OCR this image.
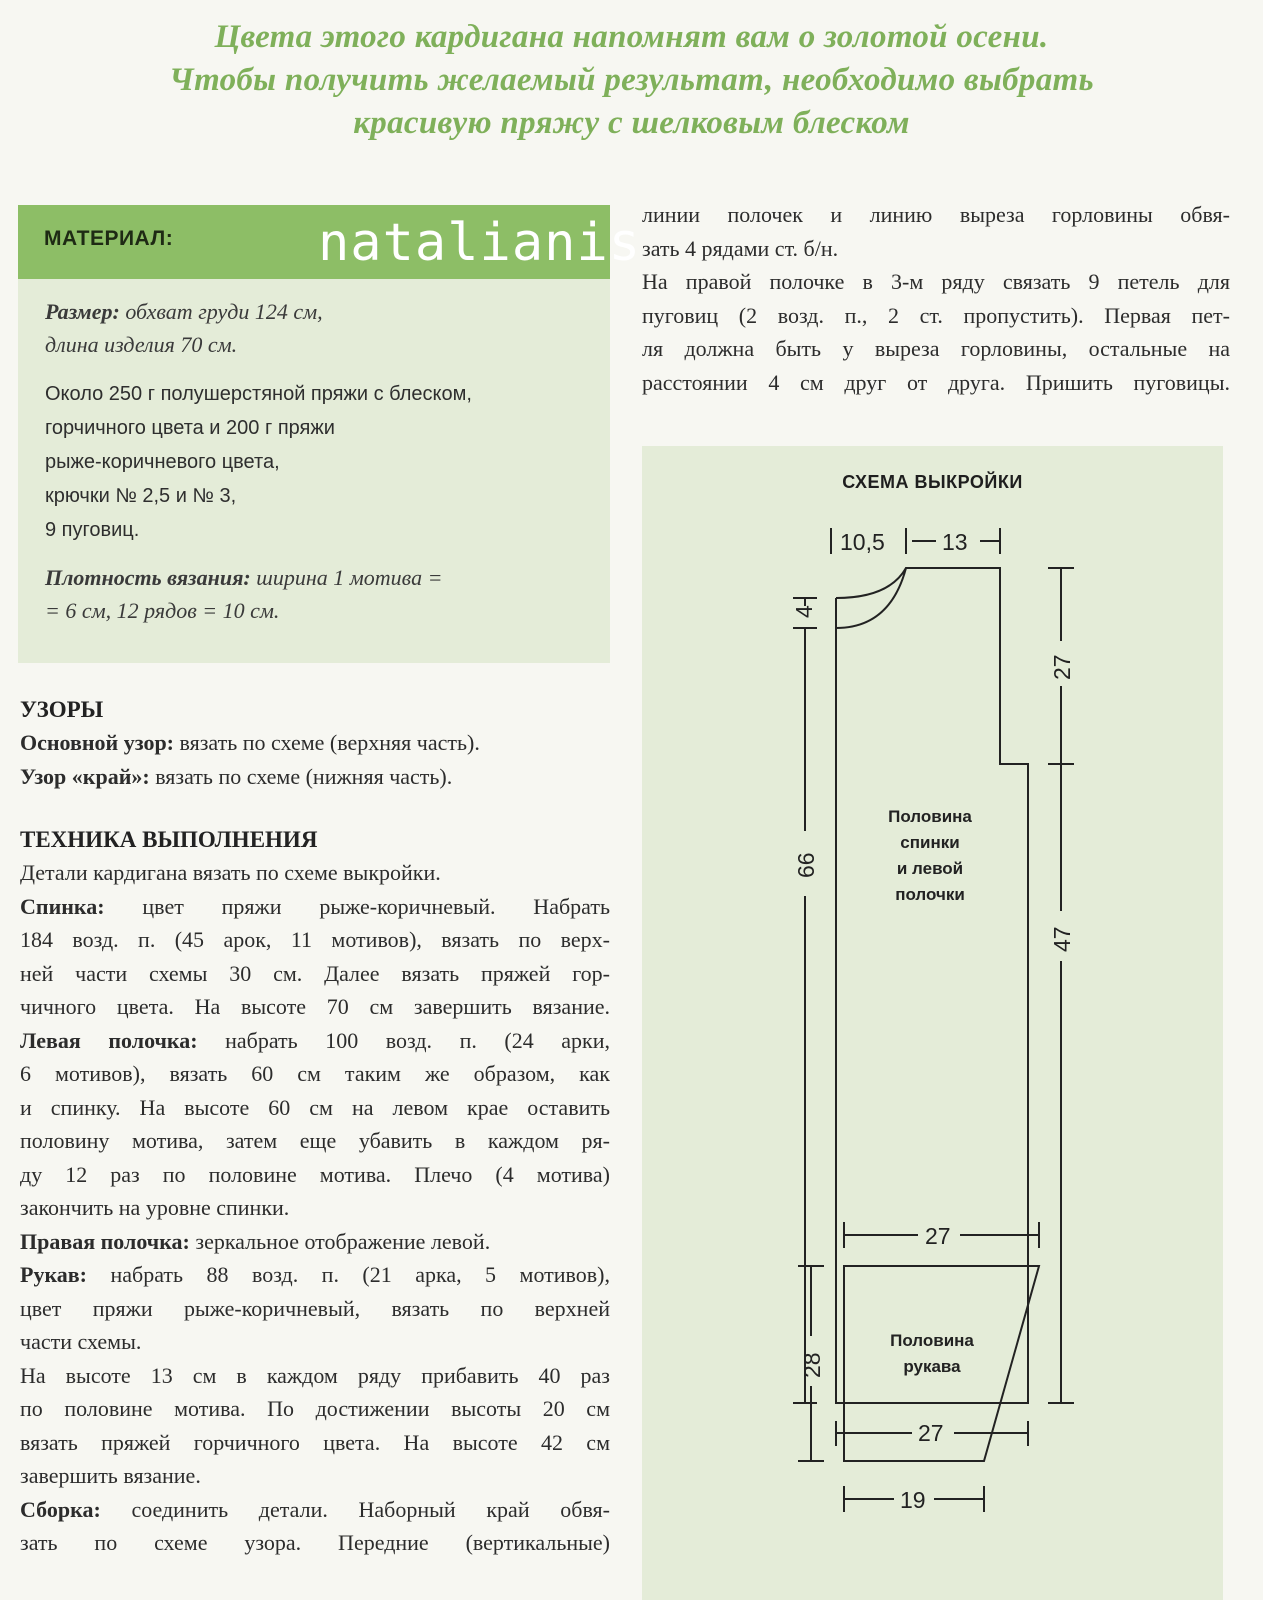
Цвета этого кардигана напомнят вам о золотой осени.
Чтобы получить желаемый результат, необходимо выбрать
красивую пряжу с шелковым блеском
МАТЕРИАЛ:	natalianis
Размер: обхват груди 124 см,
длина изделия 70 см.
Около 250 г полушерстяной пряжи с блеском,
горчичного цвета и 200 г пряжи
рыже-коричневого цвета,
крючки № 2,5 и № 3,
9 пуговиц.
Плотность вязания: ширина 1 мотива =
= 6 см, 12 рядов = 10 см.
УЗОРЫ
Основной узор: вязать по схеме (верхняя часть).
Узор «край»: вязать по схеме (нижняя часть).
ТЕХНИКА ВЫПОЛНЕНИЯ
Детали кардигана вязать по схеме выкройки.
Спинка: цвет пряжи рыже-коричневый. Набрать
184 возд. п. (45 арок, 11 мотивов), вязать по верх-
ней части схемы 30 см. Далее вязать пряжей гор-
чичного цвета. На высоте 70 см завершить вязание.
Левая полочка: набрать 100 возд. п. (24 арки,
6 мотивов), вязать 60 см таким же образом, как
и спинку. На высоте 60 см на левом крае оставить
половину мотива, затем еще убавить в каждом ря-
ду 12 раз по половине мотива. Плечо (4 мотива)
закончить на уровне спинки.
Правая полочка: зеркальное отображение левой.
Рукав: набрать 88 возд. п. (21 арка, 5 мотивов),
цвет пряжи рыже-коричневый, вязать по верхней
части схемы.
На высоте 13 см в каждом ряду прибавить 40 раз
по половине мотива. По достижении высоты 20 см
вязать пряжей горчичного цвета. На высоте 42 см
завершить вязание.
Сборка: соединить детали. Наборный край обвя-
зать по схеме узора. Передние (вертикальные)
линии полочек и линию выреза горловины обвя-
зать 4 рядами ст. б/н.
На правой полочке в 3-м ряду связать 9 петель для
пуговиц (2 возд. п., 2 ст. пропустить). Первая пет-
ля должна быть у выреза горловины, остальные на
расстоянии 4 см друг от друга. Пришить пуговицы.
СХЕМА ВЫКРОЙКИ
10,5 13
4
66
27
47
27
Половина
спинки
и левой
полочки
27
28
19
Половина
рукава
